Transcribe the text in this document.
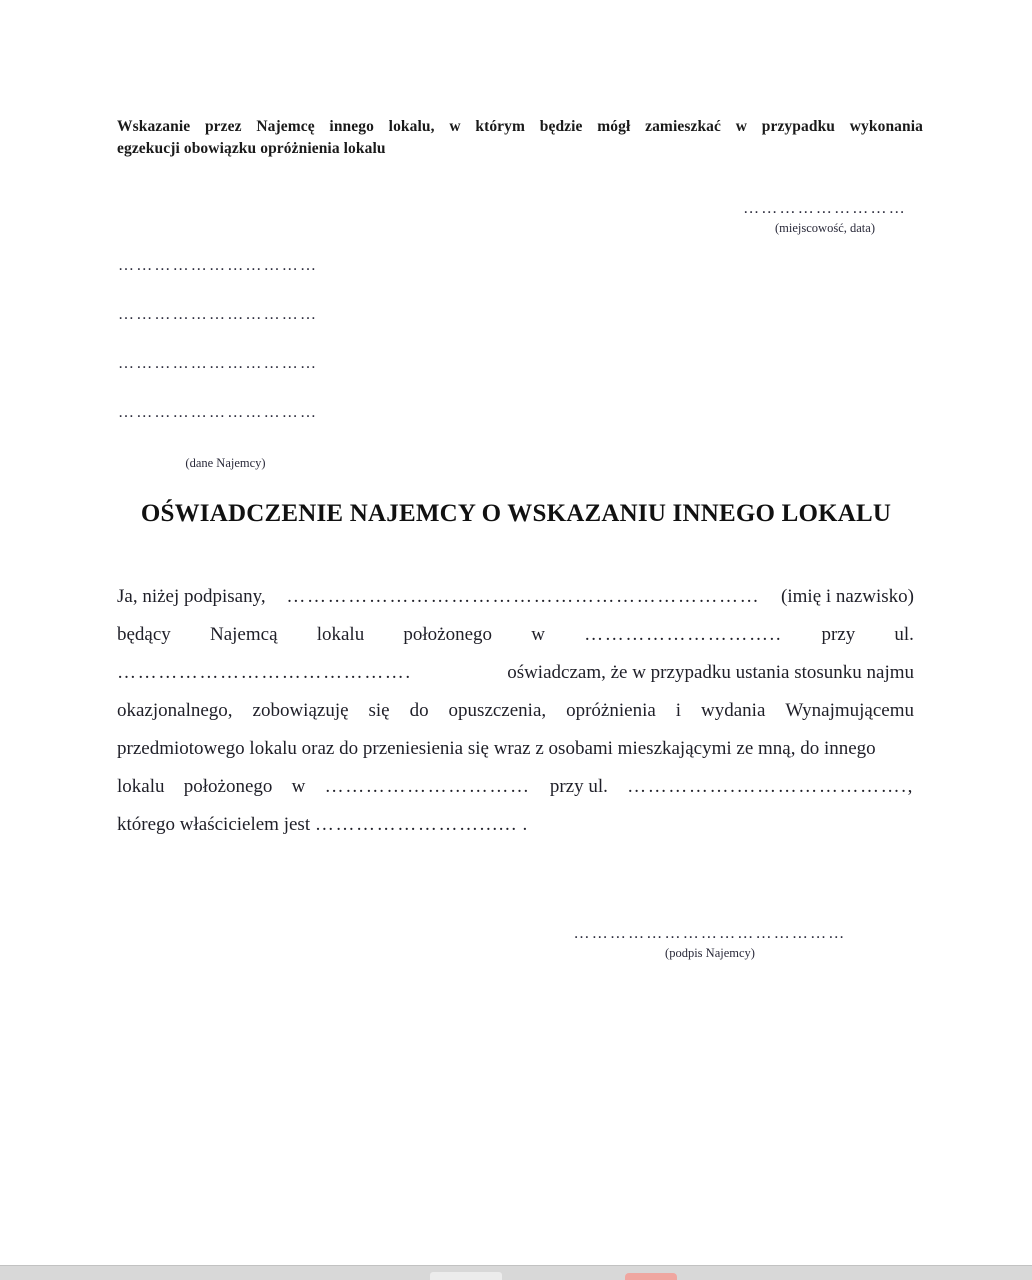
Wskazanie przez Najemcę innego lokalu, w którym będzie mógł zamieszkać w przypadku wykonania
egzekucji obowiązku opróżnienia lokalu
………………………
(miejscowość, data)
……………………………
……………………………
……………………………
……………………………
(dane Najemcy)
OŚWIADCZENIE NAJEMCY O WSKAZANIU INNEGO LOKALU
Ja, niżej podpisany, …………………………………………………………… (imię i nazwisko)
będący Najemcą lokalu położonego w ……………………….. przy ul.
…………………………………….	oświadczam, że w przypadku ustania stosunku najmu
okazjonalnego, zobowiązuję się do opuszczenia, opróżnienia i wydania Wynajmującemu
przedmiotowego lokalu oraz do przeniesienia się wraz z osobami mieszkającymi ze mną, do innego
lokalu położonego w ………………………… przy ul. …………….…………………….,
którego właścicielem jest ……………………...... .
………………………………………
(podpis Najemcy)
